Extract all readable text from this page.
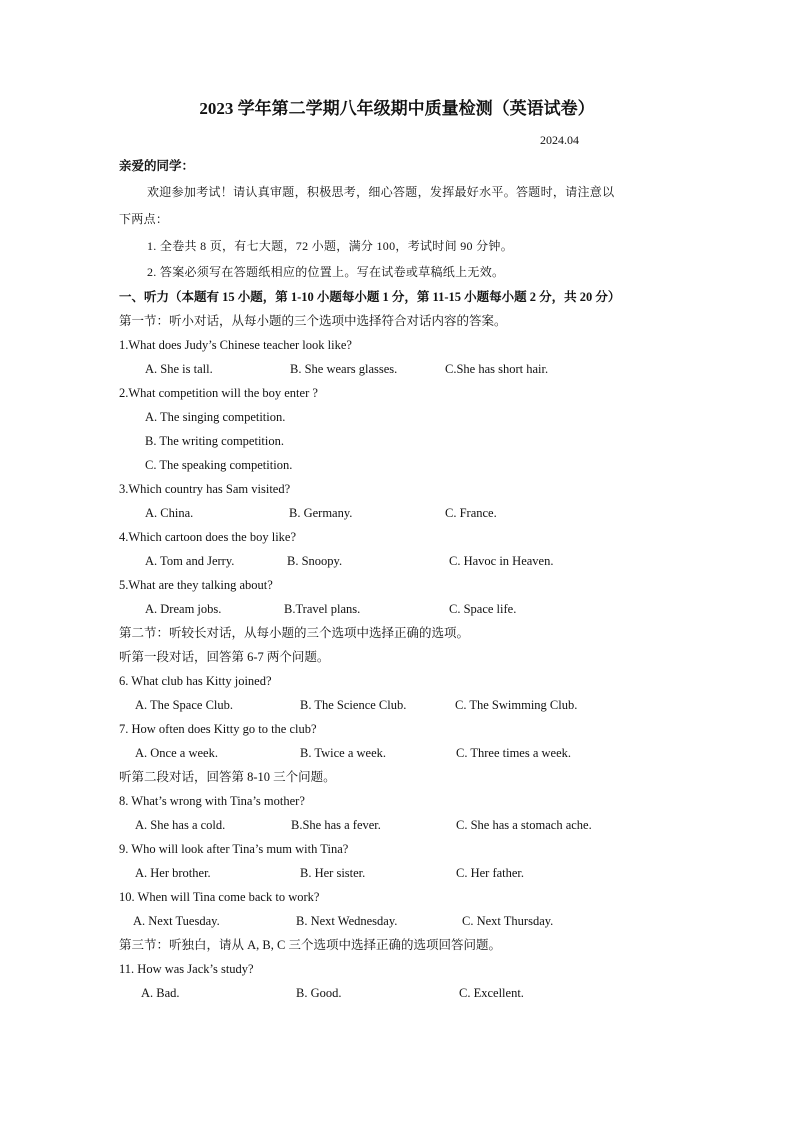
2023 学年第二学期八年级期中质量检测（英语试卷）
2024.04
亲爱的同学：
欢迎参加考试！请认真审题，积极思考，细心答题，发挥最好水平。答题时，请注意以
下两点：
1. 全卷共 8 页，有七大题，72 小题，满分 100，考试时间 90 分钟。
2. 答案必须写在答题纸相应的位置上。写在试卷或草稿纸上无效。
一、听力（本题有 15 小题，第 1-10 小题每小题 1 分，第 11-15 小题每小题 2 分，共 20 分）
第一节：听小对话，从每小题的三个选项中选择符合对话内容的答案。
1.What does Judy’s Chinese teacher look like?
A. She is tall.	B. She wears glasses.	C.She has short hair.
2.What competition will the boy enter ?
A. The singing competition.
B. The writing competition.
C. The speaking competition.
3.Which country has Sam visited?
A. China.	B. Germany.	C. France.
4.Which cartoon does the boy like?
A. Tom and Jerry.	B. Snoopy.	C. Havoc in Heaven.
5.What are they talking about?
A. Dream jobs.	B.Travel plans.	C. Space life.
第二节：听较长对话，从每小题的三个选项中选择正确的选项。
听第一段对话，回答第 6-7 两个问题。
6. What club has Kitty joined?
A. The Space Club.	B. The Science Club.	C. The Swimming Club.
7. How often does Kitty go to the club?
A. Once a week.	B. Twice a week.	C. Three times a week.
听第二段对话，回答第 8-10 三个问题。
8. What’s wrong with Tina’s mother?
A. She has a cold.	B.She has a fever.	C. She has a stomach ache.
9. Who will look after Tina’s mum with Tina?
A. Her brother.	B. Her sister.	C. Her father.
10. When will Tina come back to work?
A. Next Tuesday.	B. Next Wednesday.	C. Next Thursday.
第三节：听独白，请从 A, B, C 三个选项中选择正确的选项回答问题。
11. How was Jack’s study?
A. Bad.	B. Good.	C. Excellent.
